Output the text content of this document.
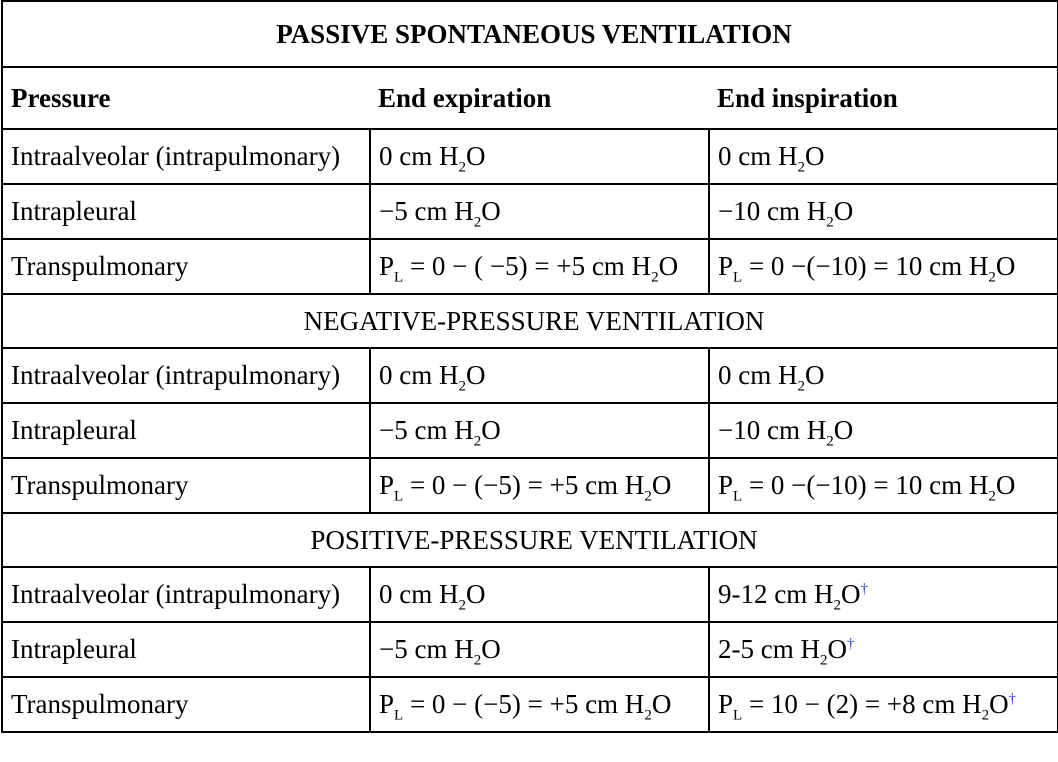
PASSIVE SPONTANEOUS VENTILATION		
Pressure	End expiration	End inspiration
Intraalveolar (intrapulmonary)	0 cm $H_2O$	0 cm $H_2O$
Intrapleural	−5 cm $H_2O$	−10 cm $H_2O$
Transpulmonary	$P_L = 0$ − ( −5) = +5 cm $H_2O$	$P_L = 0 -(-10) = 10$ cm $H_2O$
NEGATIVE-PRESSURE VENTILATION		
Intraalveolar (intrapulmonary)	0 cm $H_2O$	0 cm $H_2O$
Intrapleural	−5 cm $H_2O$	−10 cm $H_2O$
Transpulmonary	$P_L = 0 - (-5) = +5$ cm $H_2O$	$P_L = 0 -(-10) = 10$ cm $H_2O$
POSITIVE-PRESSURE VENTILATION		
Intraalveolar (intrapulmonary)	0 cm $H_2O$	9-12 cm $H_2O^\dagger$
Intrapleural	−5 cm $H_2O$	2-5 cm $H_2O^\dagger$
Transpulmonary	$P_L = 0 - (-5) = +5$ cm $H_2O$	$P_L = 10 - (2) = +8$ cm $H_2O^\dagger$
